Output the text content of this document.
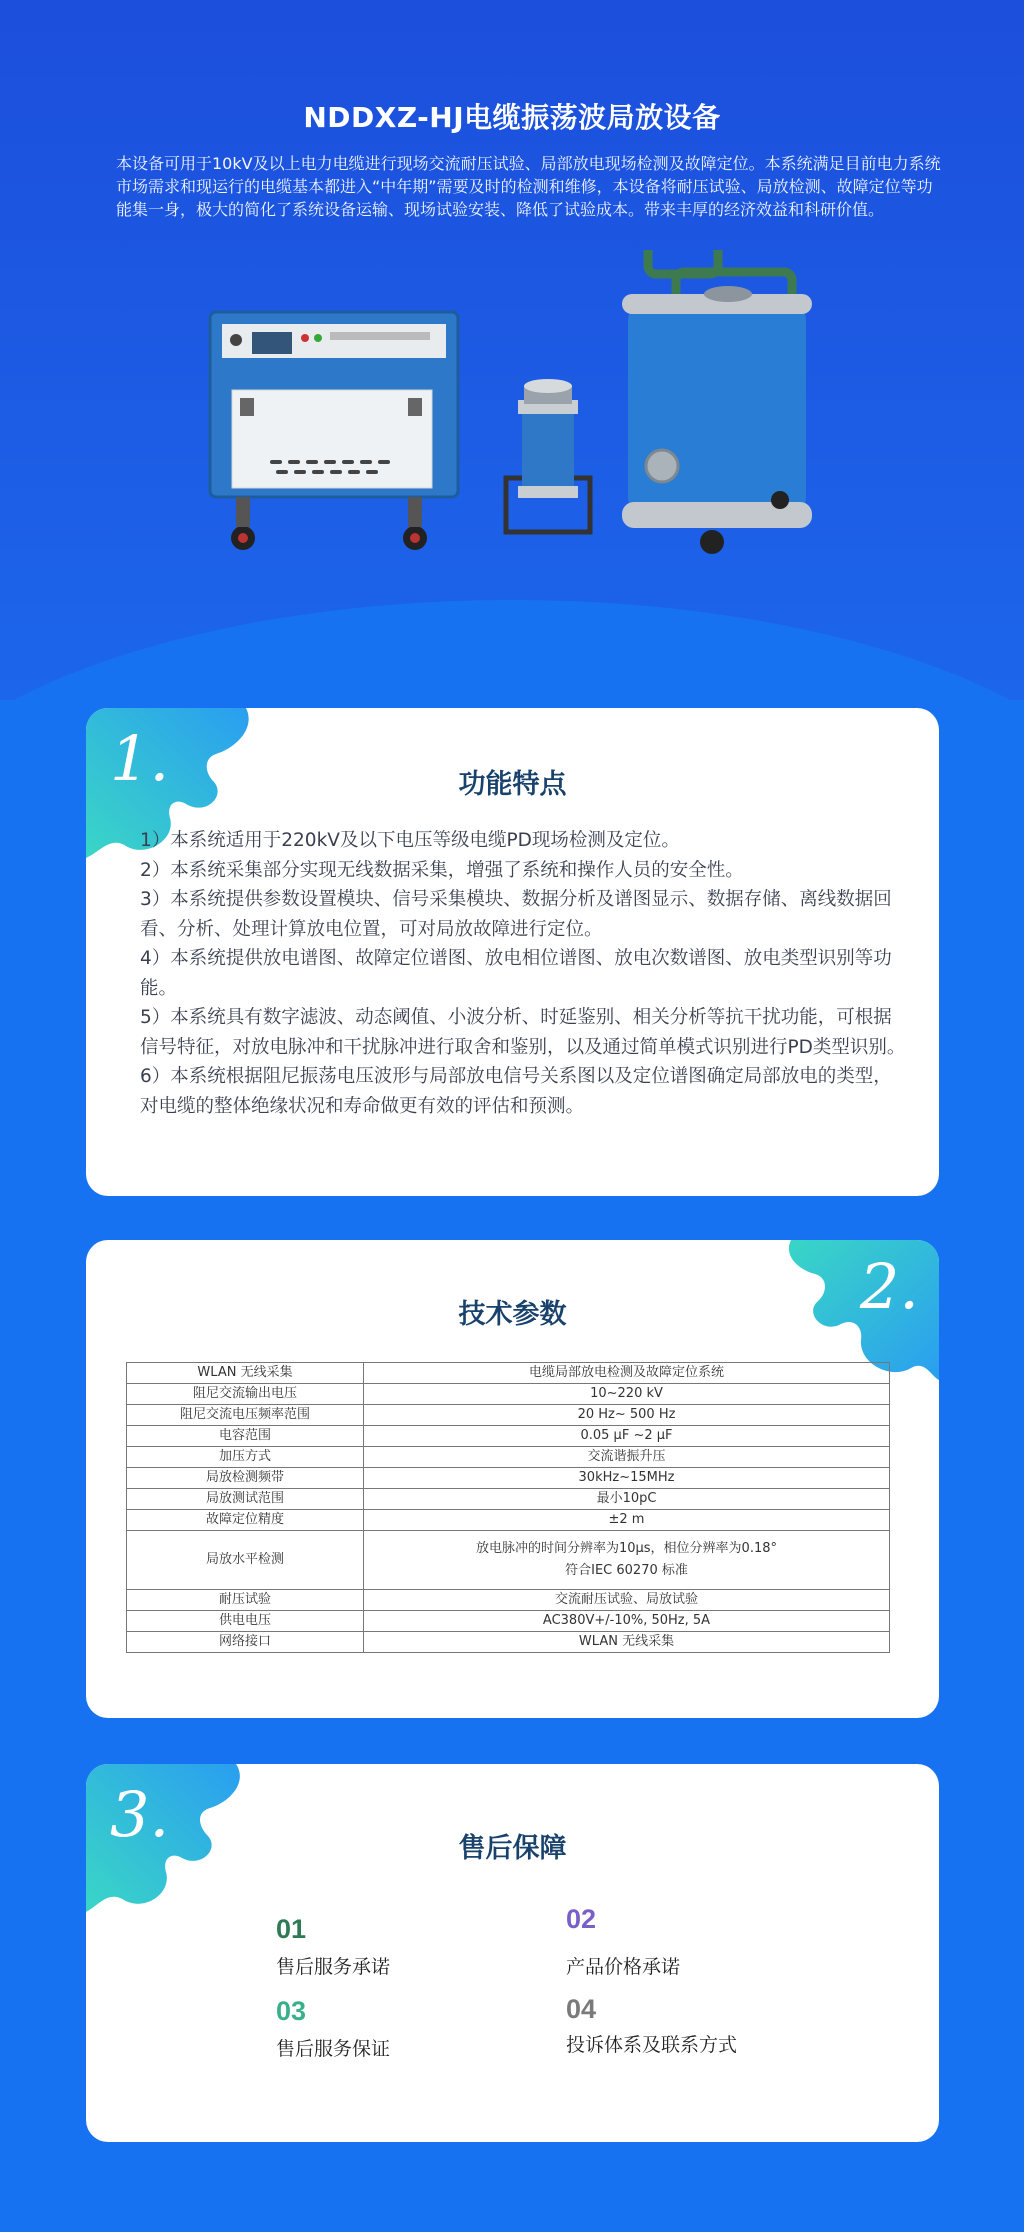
NDDXZ-HJ电缆振荡波局放设备
本设备可用于10kV及以上电力电缆进行现场交流耐压试验、局部放电现场检测及故障定位。本系统满足目前电力系统市场需求和现运行的电缆基本都进入“中年期”需要及时的检测和维修，本设备将耐压试验、局放检测、故障定位等功能集一身，极大的简化了系统设备运输、现场试验安装、降低了试验成本。带来丰厚的经济效益和科研价值。
1.	功能特点

1）本系统适用于220kV及以下电压等级电缆PD现场检测及定位。

2）本系统采集部分实现无线数据采集，增强了系统和操作人员的安全性。

3）本系统提供参数设置模块、信号采集模块、数据分析及谱图显示、数据存储、离线数据回看、分析、处理计算放电位置，可对局放故障进行定位。

4）本系统提供放电谱图、故障定位谱图、放电相位谱图、放电次数谱图、放电类型识别等功能。

5）本系统具有数字滤波、动态阈值、小波分析、时延鉴别、相关分析等抗干扰功能，可根据信号特征，对放电脉冲和干扰脉冲进行取舍和鉴别，以及通过简单模式识别进行PD类型识别。

6）本系统根据阻尼振荡电压波形与局部放电信号关系图以及定位谱图确定局部放电的类型，对电缆的整体绝缘状况和寿命做更有效的评估和预测。

2.
技术参数
WLAN 无线采集	电缆局部放电检测及故障定位系统
阻尼交流输出电压	10~220 kV
阻尼交流电压频率范围	20 Hz~ 500 Hz
电容范围	0.05 μF ~2 μF
加压方式	交流谐振升压
局放检测频带	30kHz~15MHz
局放测试范围	最小10pC
故障定位精度	±2 m
局放水平检测	放电脉冲的时间分辨率为10μs，相位分辨率为0.18°
符合IEC 60270 标准

耐压试验	交流耐压试验、局放试验
供电电压	AC380V+/-10%, 50Hz, 5A
网络接口	WLAN 无线采集
3.	售后保障
01
售后服务承诺
02
产品价格承诺
03
售后服务保证
04
投诉体系及联系方式
